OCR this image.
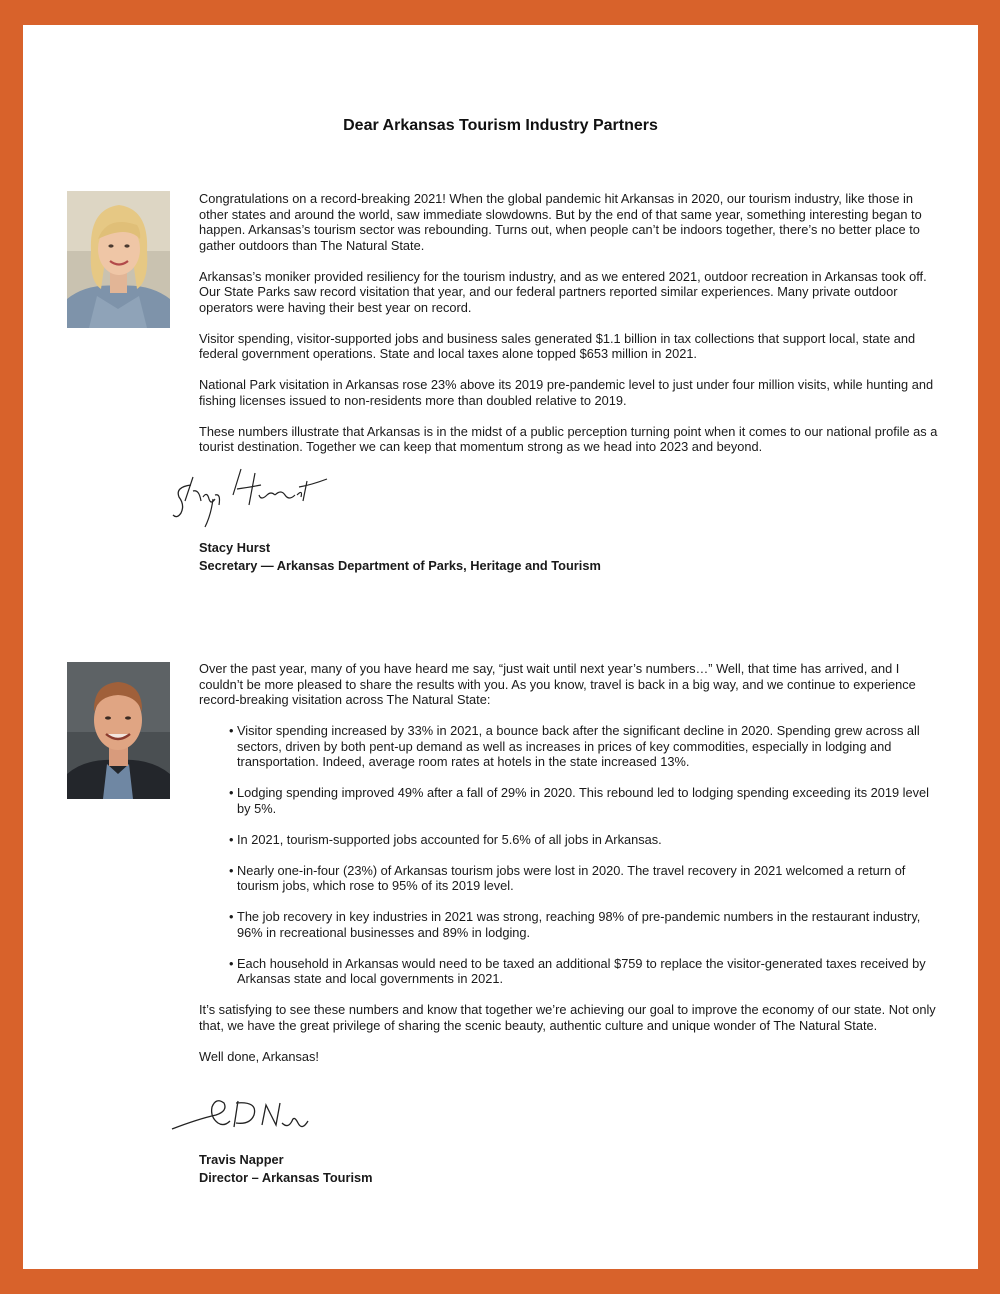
Dear Arkansas Tourism Industry Partners

Congratulations on a record-breaking 2021! When the global pandemic hit Arkansas in 2020, our tourism industry, like those in other states and around the world, saw immediate slowdowns. But by the end of that same year, something interesting began to happen. Arkansas’s tourism sector was rebounding. Turns out, when people can’t be indoors together, there’s no better place to gather outdoors than The Natural State.

Arkansas’s moniker provided resiliency for the tourism industry, and as we entered 2021, outdoor recreation in Arkansas took off. Our State Parks saw record visitation that year, and our federal partners reported similar experiences. Many private outdoor operators were having their best year on record.

Visitor spending, visitor-supported jobs and business sales generated $1.1 billion in tax collections that support local, state and federal government operations. State and local taxes alone topped $653 million in 2021.

National Park visitation in Arkansas rose 23% above its 2019 pre-pandemic level to just under four million visits, while hunting and fishing licenses issued to non-residents more than doubled relative to 2019.

These numbers illustrate that Arkansas is in the midst of a public perception turning point when it comes to our national profile as a tourist destination. Together we can keep that momentum strong as we head into 2023 and beyond.

Stacy Hurst
Secretary — Arkansas Department of Parks, Heritage and Tourism

Over the past year, many of you have heard me say, “just wait until next year’s numbers…” Well, that time has arrived, and I couldn’t be more pleased to share the results with you. As you know, travel is back in a big way, and we continue to experience record-breaking visitation across The Natural State:

• Visitor spending increased by 33% in 2021, a bounce back after the significant decline in 2020. Spending grew across all sectors, driven by both pent-up demand as well as increases in prices of key commodities, especially in lodging and transportation. Indeed, average room rates at hotels in the state increased 13%.
• Lodging spending improved 49% after a fall of 29% in 2020. This rebound led to lodging spending exceeding its 2019 level by 5%.
• In 2021, tourism-supported jobs accounted for 5.6% of all jobs in Arkansas.
• Nearly one-in-four (23%) of Arkansas tourism jobs were lost in 2020. The travel recovery in 2021 welcomed a return of tourism jobs, which rose to 95% of its 2019 level.
• The job recovery in key industries in 2021 was strong, reaching 98% of pre-pandemic numbers in the restaurant industry, 96% in recreational businesses and 89% in lodging.
• Each household in Arkansas would need to be taxed an additional $759 to replace the visitor-generated taxes received by Arkansas state and local governments in 2021.

It’s satisfying to see these numbers and know that together we’re achieving our goal to improve the economy of our state. Not only that, we have the great privilege of sharing the scenic beauty, authentic culture and unique wonder of The Natural State.

Well done, Arkansas!

Travis Napper
Director – Arkansas Tourism
